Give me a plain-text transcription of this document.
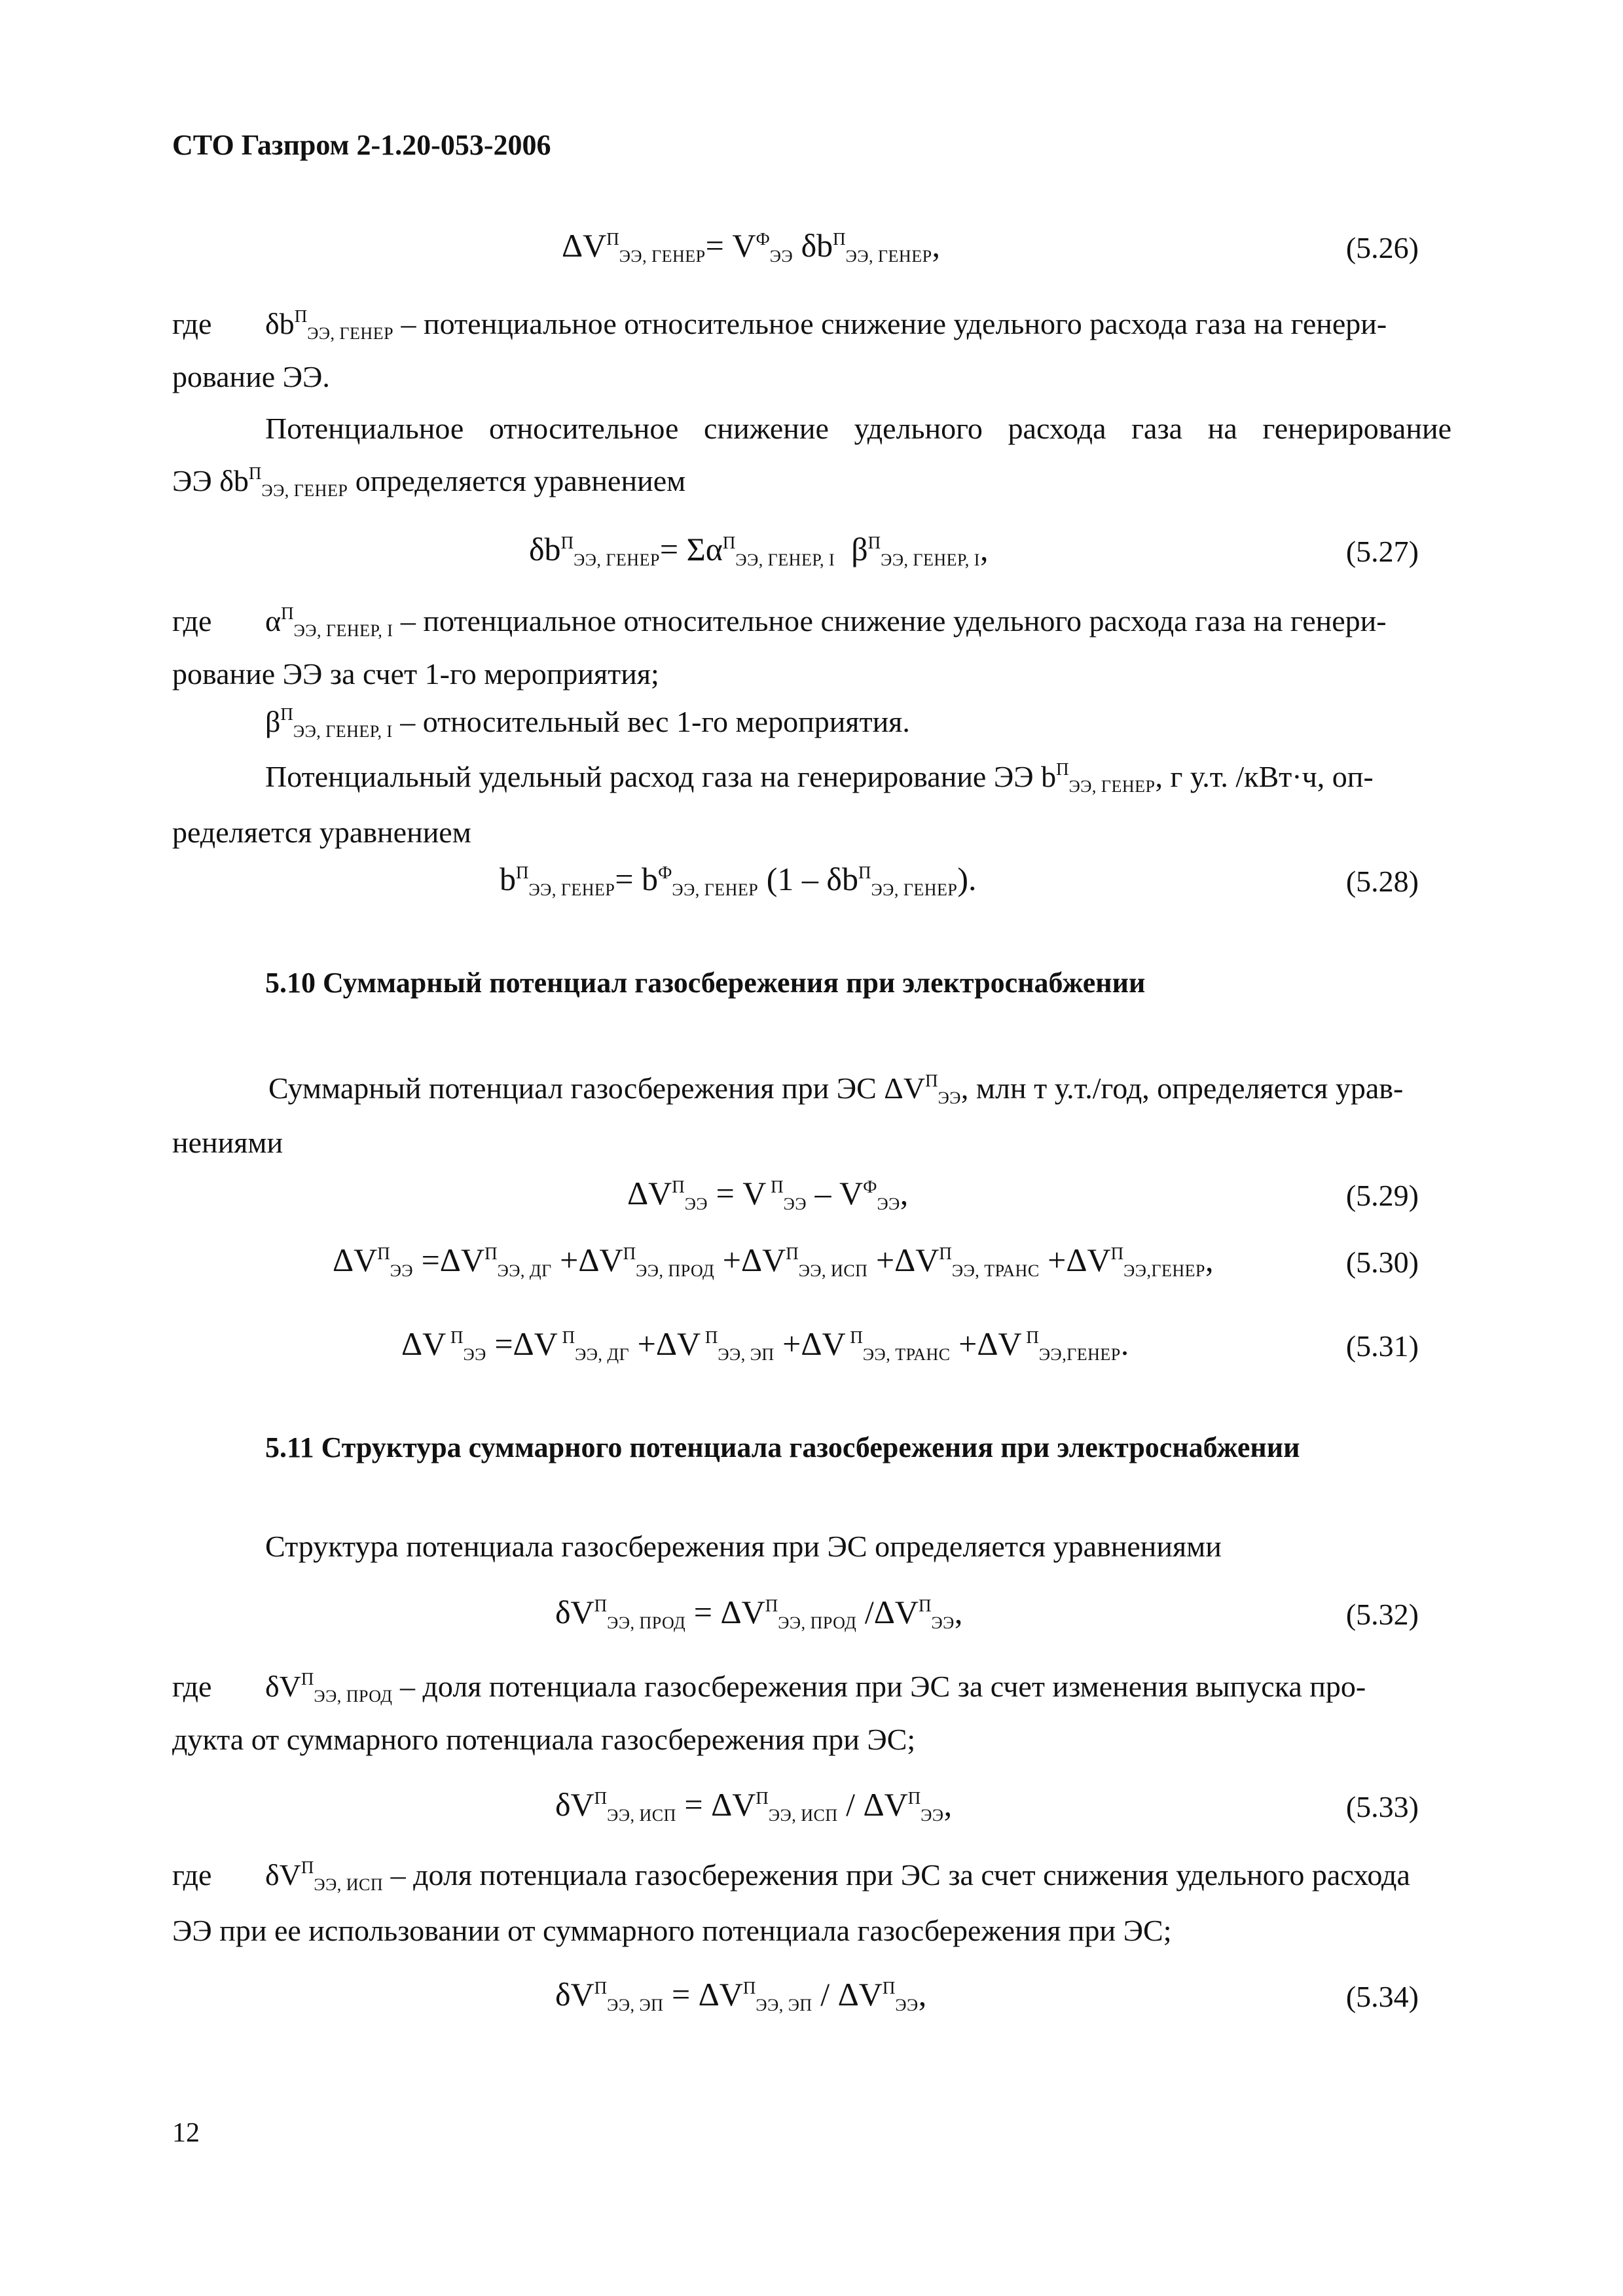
СТО Газпром 2-1.20-053-2006
$\Delta V^П_{ЭЭ, ГЕНЕР}= V^Ф_{ЭЭ}$ $\delta b^П_{ЭЭ, ГЕНЕР}$,	(5.26)
где $\delta b^П_{ЭЭ, ГЕНЕР}$ – потенциальное относительное снижение удельного расхода газа на генери-
рование ЭЭ.
Потенциальное относительное снижение удельного расхода газа на генерирование
ЭЭ $\delta b^П_{ЭЭ, ГЕНЕР}$ определяется уравнением
$\delta b^П_{ЭЭ, ГЕНЕР}= \Sigma\alpha^П_{ЭЭ, ГЕНЕР, I}$  $\beta^П_{ЭЭ, ГЕНЕР, I}$,	(5.27)
где $\alpha^П_{ЭЭ, ГЕНЕР, I}$ – потенциальное относительное снижение удельного расхода газа на генери-
рование ЭЭ за счет 1-го мероприятия;
$\beta^П_{ЭЭ, ГЕНЕР, I}$ – относительный вес 1-го мероприятия.
Потенциальный удельный расход газа на генерирование ЭЭ $b^П_{ЭЭ, ГЕНЕР}$, г у.т. /кВт·ч, оп-
ределяется уравнением
$b^П_{ЭЭ, ГЕНЕР}= b^Ф_{ЭЭ, ГЕНЕР}$ $(1 - \delta b^П_{ЭЭ, ГЕНЕР})$.	(5.28)
5.10 Суммарный потенциал газосбережения при электроснабжении
Суммарный потенциал газосбережения при ЭС $\Delta V^П_{ЭЭ}$, млн т у.т./год, определяется урав-
нениями
$\Delta V^П_{ЭЭ} = V$ $^П_{ЭЭ} - V^Ф_{ЭЭ}$,	(5.29)
$\Delta V^П_{ЭЭ} =\Delta V^П_{ЭЭ, ДГ} +\Delta V^П_{ЭЭ, ПРОД} +\Delta V^П_{ЭЭ, ИСП} +\Delta V^П_{ЭЭ, ТРАНС} +\Delta V^П_{ЭЭ,ГЕНЕР}$,	(5.30)
ΔV $^П_{ЭЭ}$ =ΔV $^П_{ЭЭ, ДГ}$ +ΔV $^П_{ЭЭ, ЭП}$ +ΔV $^П_{ЭЭ, ТРАНС}$ +ΔV $^П_{ЭЭ,ГЕНЕР}$.	(5.31)
5.11 Структура суммарного потенциала газосбережения при электроснабжении
Структура потенциала газосбережения при ЭС определяется уравнениями
$\delta V^П_{ЭЭ, ПРОД} = \Delta V^П_{ЭЭ, ПРОД}$ $/\Delta V^П_{ЭЭ}$,	(5.32)
где $\delta V^П_{ЭЭ, ПРОД}$ – доля потенциала газосбережения при ЭС за счет изменения выпуска про-
дукта от суммарного потенциала газосбережения при ЭС;
$\delta V^П_{ЭЭ, ИСП} = \Delta V^П_{ЭЭ, ИСП} / \Delta V^П_{ЭЭ}$,	(5.33)
где $\delta V^П_{ЭЭ, ИСП}$ – доля потенциала газосбережения при ЭС за счет снижения удельного расхода
ЭЭ при ее использовании от суммарного потенциала газосбережения при ЭС;
$\delta V^П_{ЭЭ, ЭП} = \Delta V^П_{ЭЭ, ЭП} / \Delta V^П_{ЭЭ}$,	(5.34)
12
